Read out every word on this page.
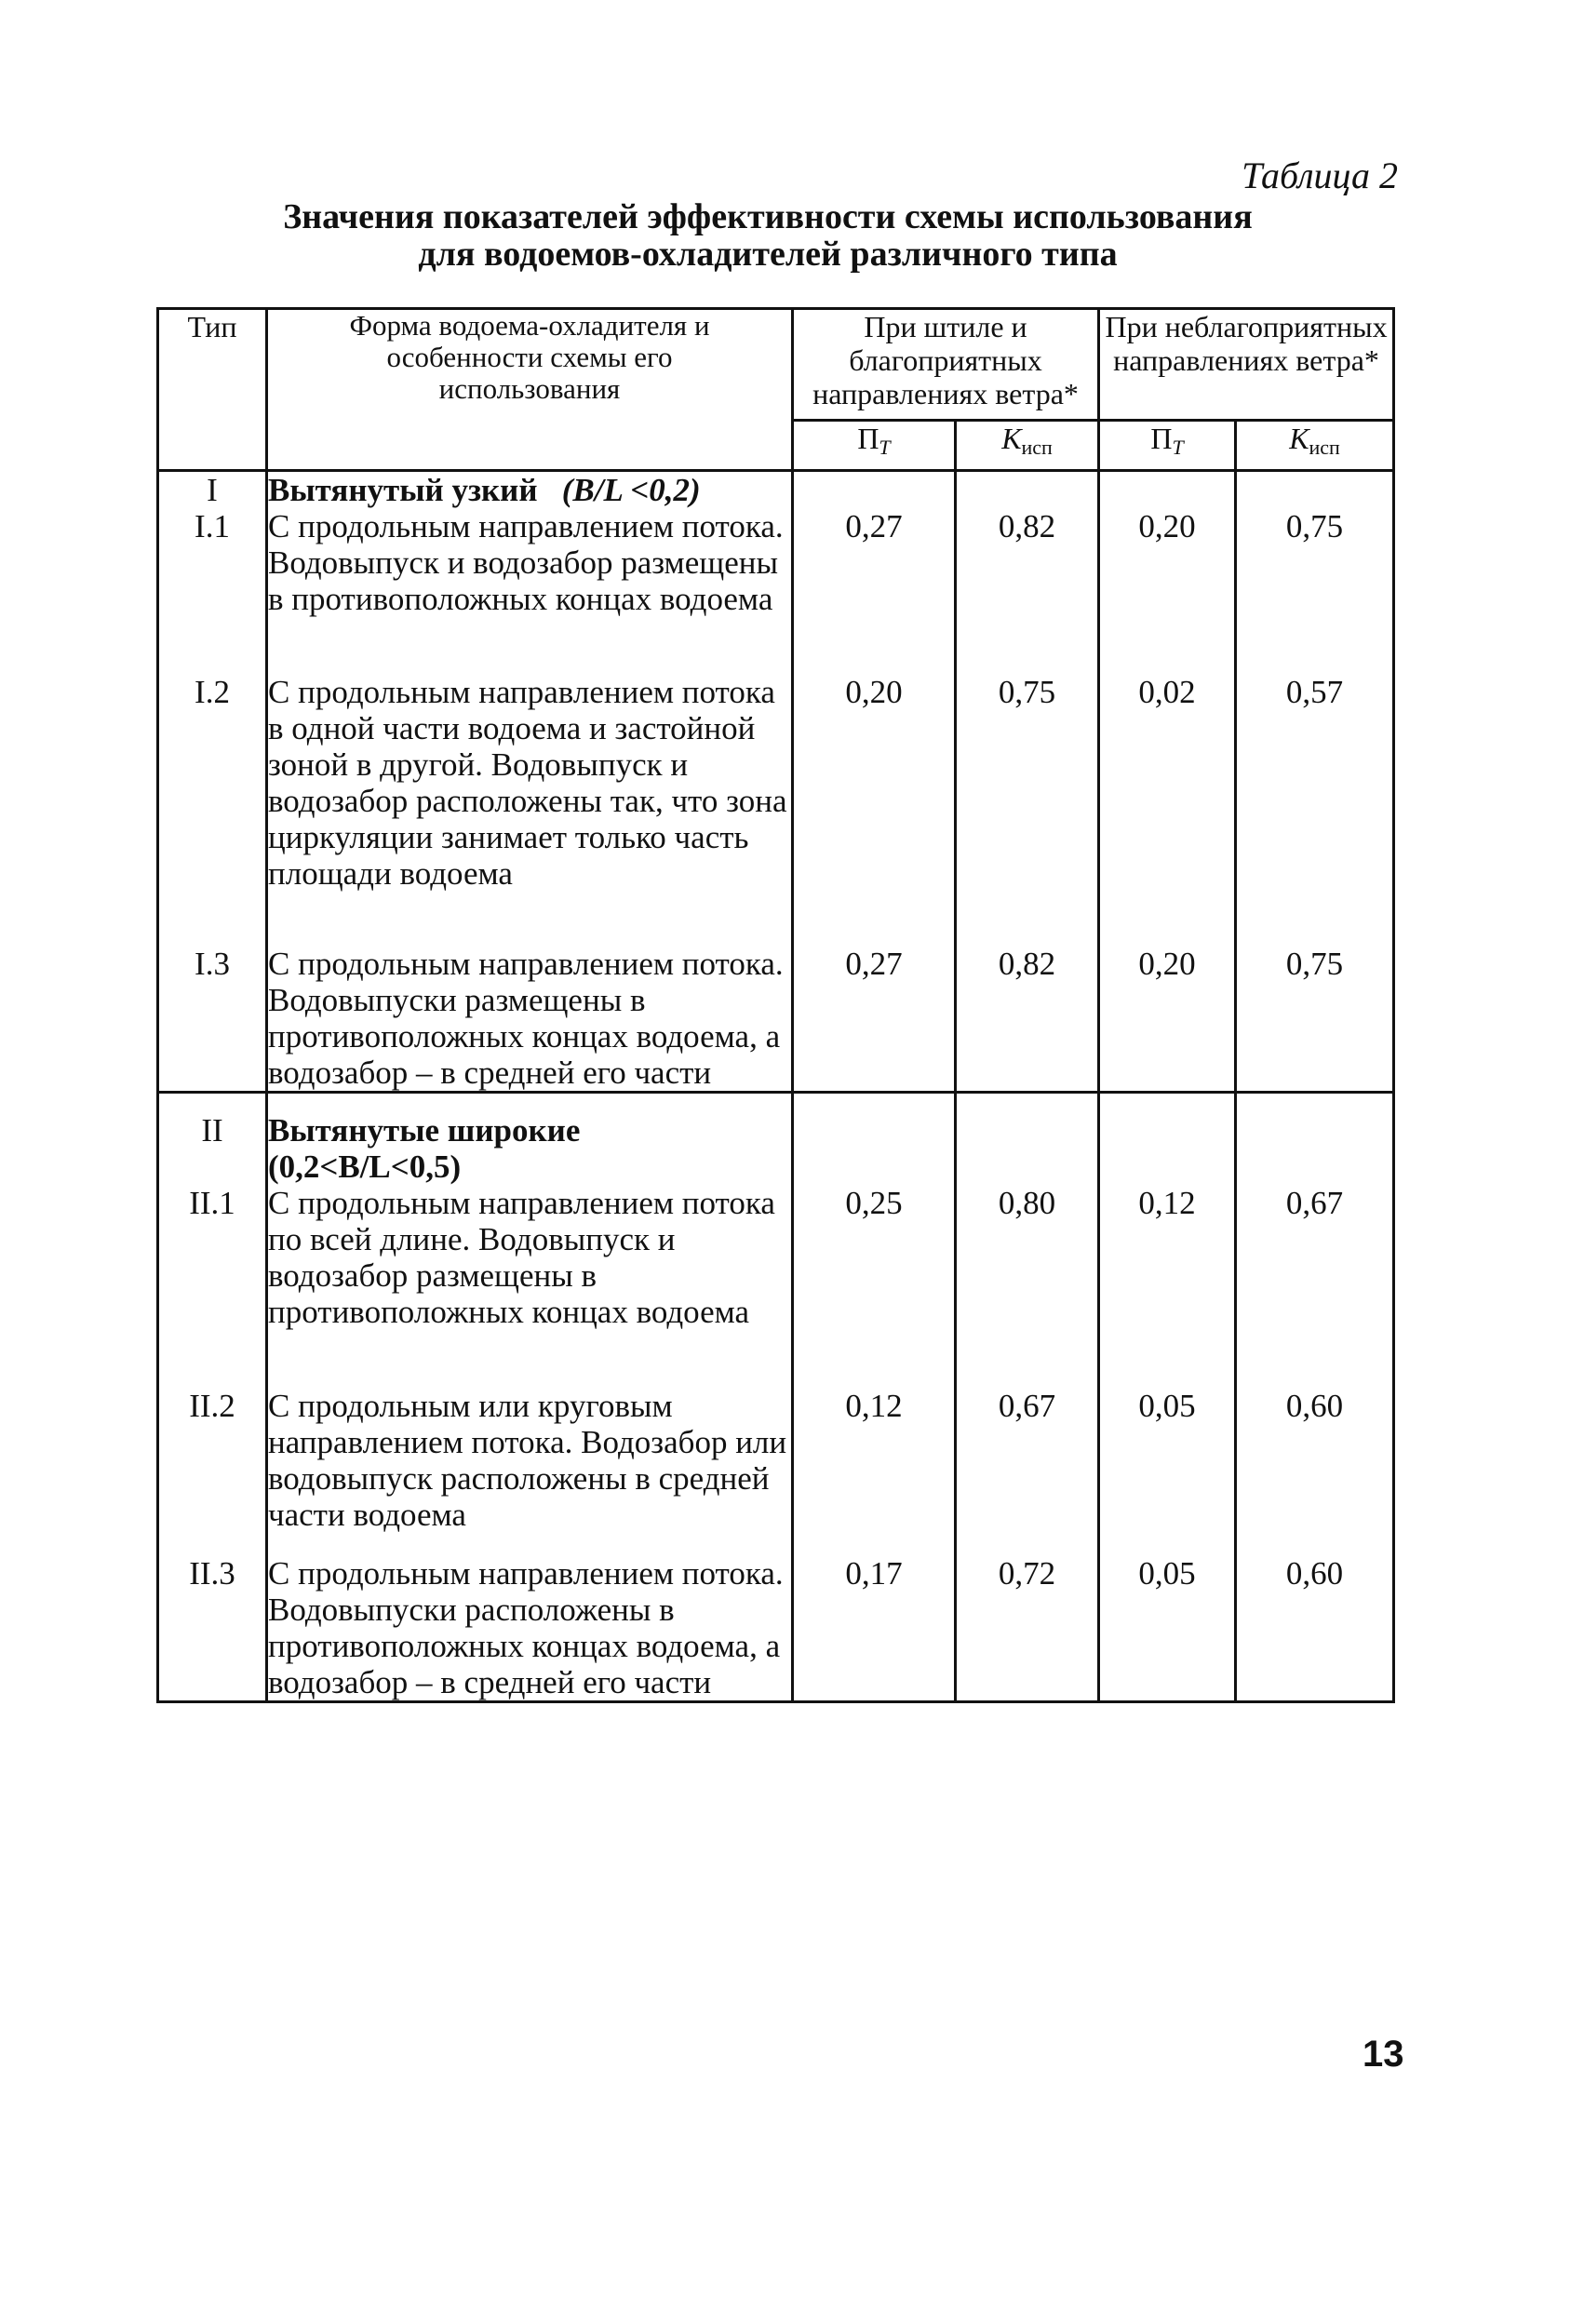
Таблица 2
Значения показателей эффективности схемы использования
для водоемов-охладителей различного типа
Тип	Форма водоема-охладителя и особенности схемы его использования	При штиле и благоприятных направлениях ветра*		При неблагоприятных направлениях ветра*	
		$П_Т$	$К_{исп}$	$П_Т$	$К_{исп}$
I	Вытянутый узкий (B/L <0,2)				
I.1	С продольным направлением потока. Водовыпуск и водозабор размещены в противоположных концах водоема	0,27	0,82	0,20	0,75
I.2	С продольным направлением потока в одной части водоема и застойной зоной в другой. Водовыпуск и водозабор расположены так, что зона циркуляции занимает только часть площади водоема	0,20	0,75	0,02	0,57
I.3	С продольным направлением потока. Водовыпуски размещены в противоположных концах водоема, а водозабор – в средней его части	0,27	0,82	0,20	0,75
II	Вытянутые широкие
(0,2<B/L<0,5)				
II.1	С продольным направлением потока по всей длине. Водовыпуск и водозабор размещены в противоположных концах водоема	0,25	0,80	0,12	0,67
II.2	С продольным или круговым направлением потока. Водозабор или водовыпуск расположены в средней части водоема	0,12	0,67	0,05	0,60
II.3	С продольным направлением потока. Водовыпуски расположены в противоположных концах водоема, а водозабор – в средней его части	0,17	0,72	0,05	0,60
13
